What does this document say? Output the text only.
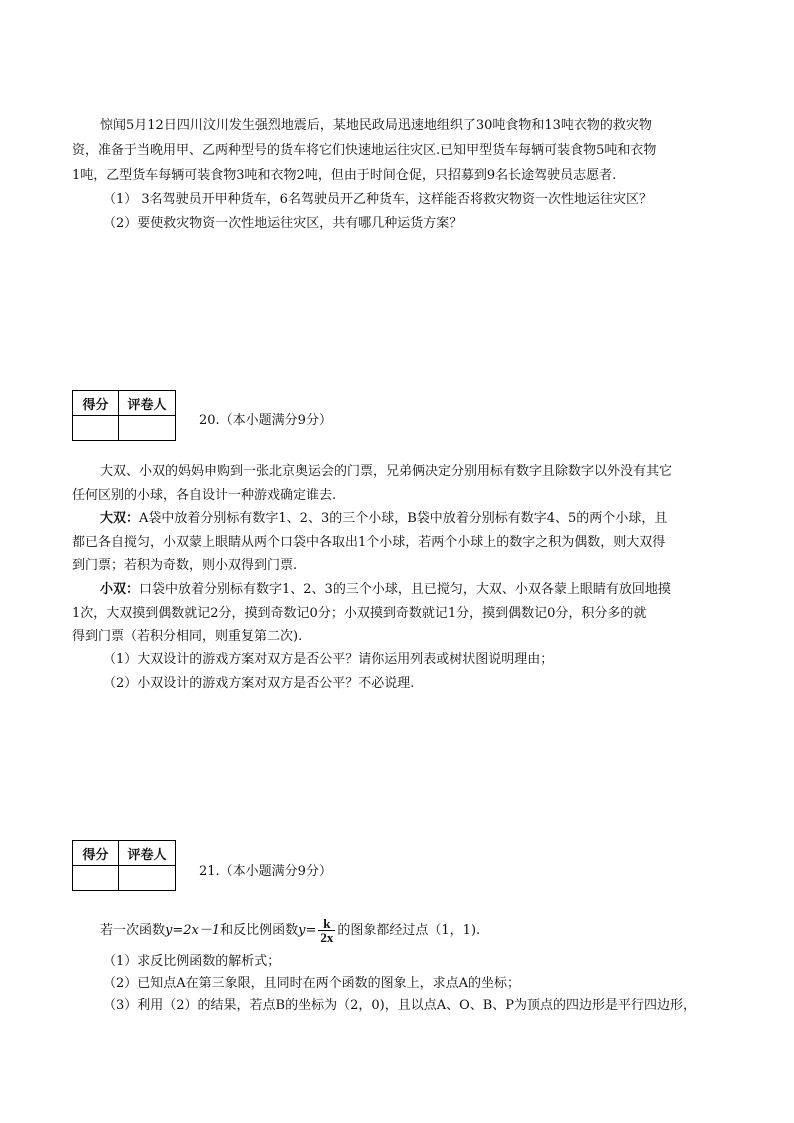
惊闻5月12日四川汶川发生强烈地震后，某地民政局迅速地组织了30吨食物和13吨衣物的救灾物
资，准备于当晚用甲、乙两种型号的货车将它们快速地运往灾区.已知甲型货车每辆可装食物5吨和衣物
1吨，乙型货车每辆可装食物3吨和衣物2吨，但由于时间仓促，只招募到9名长途驾驶员志愿者.
（1） 3名驾驶员开甲种货车，6名驾驶员开乙种货车，这样能否将救灾物资一次性地运往灾区？
（2）要使救灾物资一次性地运往灾区，共有哪几种运货方案？
得分	评卷人

20.（本小题满分9分）
大双、小双的妈妈申购到一张北京奥运会的门票，兄弟俩决定分别用标有数字且除数字以外没有其它
任何区别的小球，各自设计一种游戏确定谁去.
大双：A袋中放着分别标有数字1、2、3的三个小球，B袋中放着分别标有数字4、5的两个小球，且
都已各自搅匀，小双蒙上眼睛从两个口袋中各取出1个小球，若两个小球上的数字之积为偶数，则大双得
到门票；若积为奇数，则小双得到门票.
小双：口袋中放着分别标有数字1、2、3的三个小球，且已搅匀，大双、小双各蒙上眼睛有放回地摸
1次，大双摸到偶数就记2分，摸到奇数记0分；小双摸到奇数就记1分，摸到偶数记0分，积分多的就
得到门票（若积分相同，则重复第二次).
（1）大双设计的游戏方案对双方是否公平？请你运用列表或树状图说明理由；
（2）小双设计的游戏方案对双方是否公平？不必说理.
得分	评卷人

21.（本小题满分9分）
若一次函数y=2x－1和反比例函数$y= \frac{k}{2x}$ 的图象都经过点（1，1).
（1）求反比例函数的解析式；
（2）已知点A在第三象限，且同时在两个函数的图象上，求点A的坐标；
（3）利用（2）的结果，若点B的坐标为（2，0)，且以点A、O、B、P为顶点的四边形是平行四边形，
